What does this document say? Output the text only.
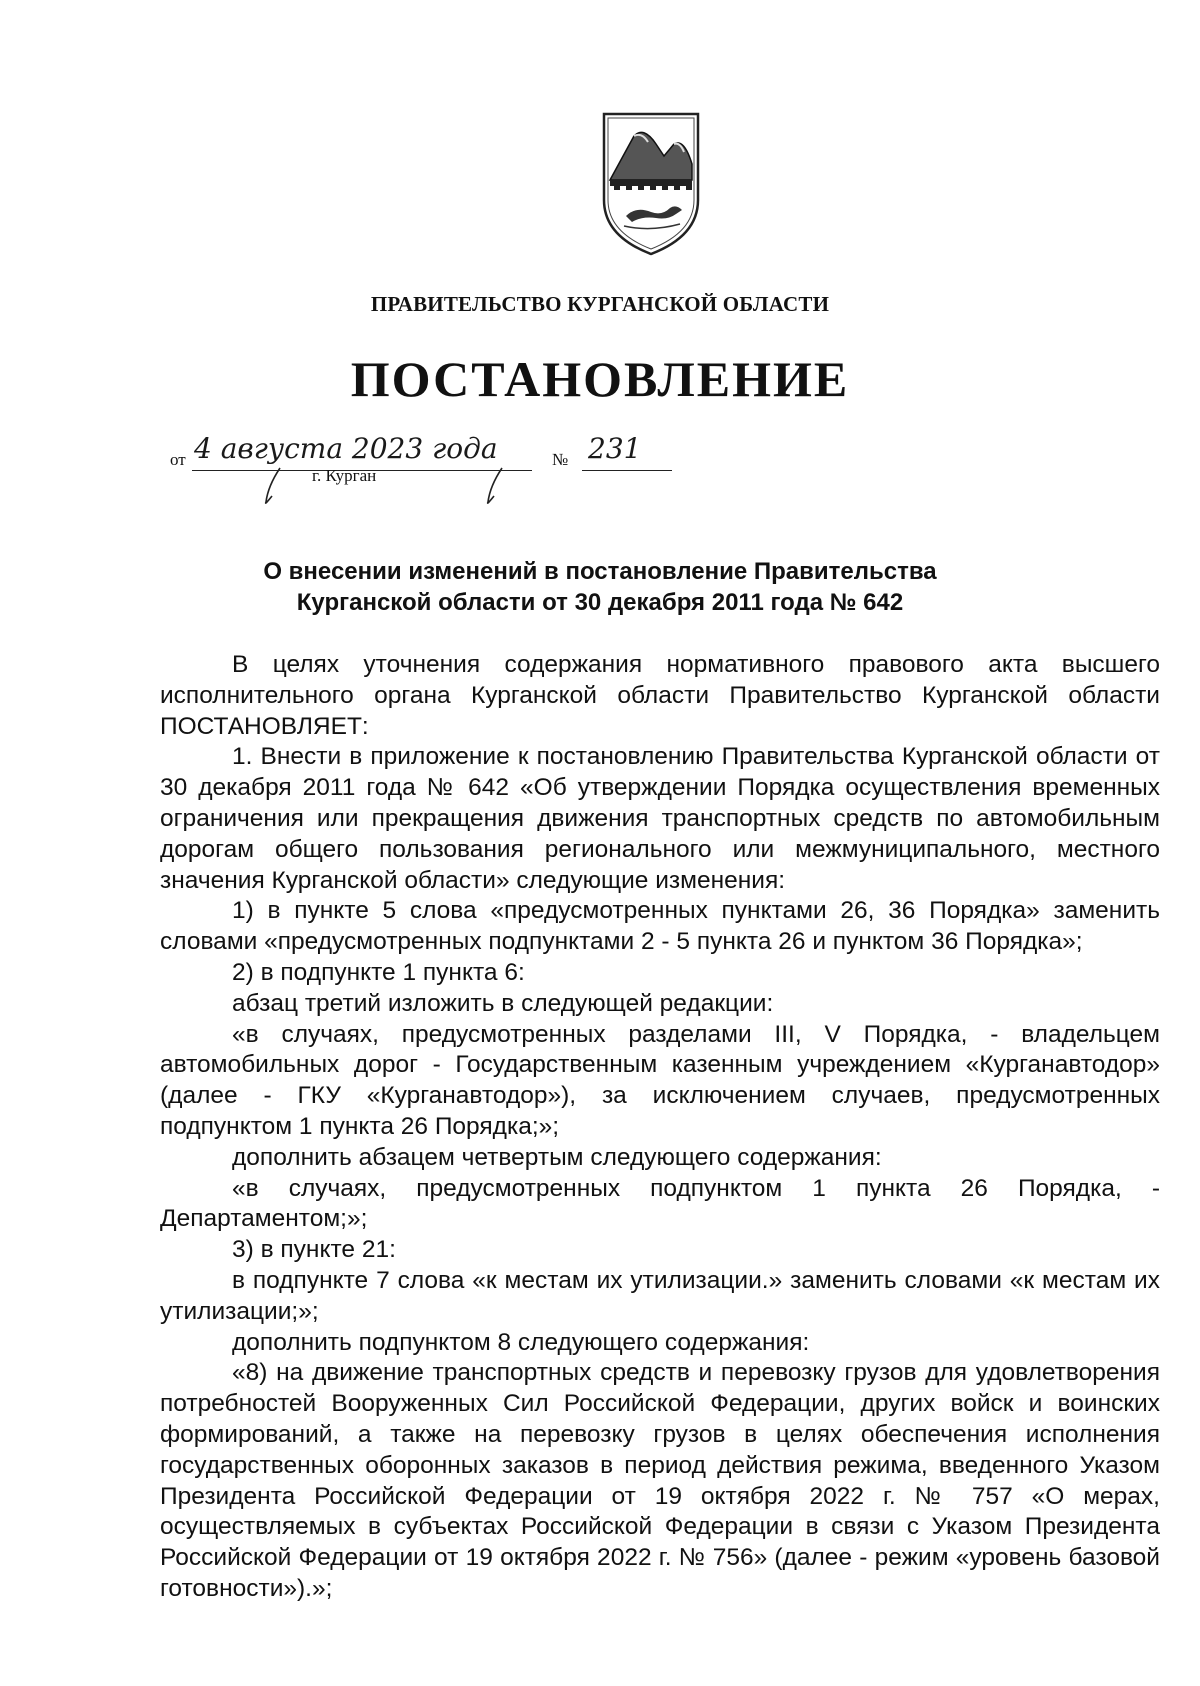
ПРАВИТЕЛЬСТВО КУРГАНСКОЙ ОБЛАСТИ
ПОСТАНОВЛЕНИЕ
от 4 августа 2023 года	№ 231
г. Курган
О внесении изменений в постановление Правительства
Курганской области от 30 декабря 2011 года № 642

В целях уточнения содержания нормативного правового акта высшего исполнительного органа Курганской области Правительство Курганской области ПОСТАНОВЛЯЕТ:

1. Внести в приложение к постановлению Правительства Курганской области от 30 декабря 2011 года № 642 «Об утверждении Порядка осуществления временных ограничения или прекращения движения транспортных средств по автомобильным дорогам общего пользования регионального или межмуниципального, местного значения Курганской области» следующие изменения:

1) в пункте 5 слова «предусмотренных пунктами 26, 36 Порядка» заменить словами «предусмотренных подпунктами 2 - 5 пункта 26 и пунктом 36 Порядка»;

2) в подпункте 1 пункта 6:

абзац третий изложить в следующей редакции:

«в случаях, предусмотренных разделами III, V Порядка, - владельцем автомобильных дорог - Государственным казенным учреждением «Курганавтодор» (далее - ГКУ «Курганавтодор»), за исключением случаев, предусмотренных подпунктом 1 пункта 26 Порядка;»;

дополнить абзацем четвертым следующего содержания:

«в случаях, предусмотренных подпунктом 1 пункта 26 Порядка, - Департаментом;»;

3) в пункте 21:

в подпункте 7 слова «к местам их утилизации.» заменить словами «к местам их утилизации;»;

дополнить подпунктом 8 следующего содержания:

«8) на движение транспортных средств и перевозку грузов для удовлетворения потребностей Вооруженных Сил Российской Федерации, других войск и воинских формирований, а также на перевозку грузов в целях обеспечения исполнения государственных оборонных заказов в период действия режима, введенного Указом Президента Российской Федерации от 19 октября 2022 г. № 757 «О мерах, осуществляемых в субъектах Российской Федерации в связи с Указом Президента Российской Федерации от 19 октября 2022 г. № 756» (далее - режим «уровень базовой готовности»).»;
